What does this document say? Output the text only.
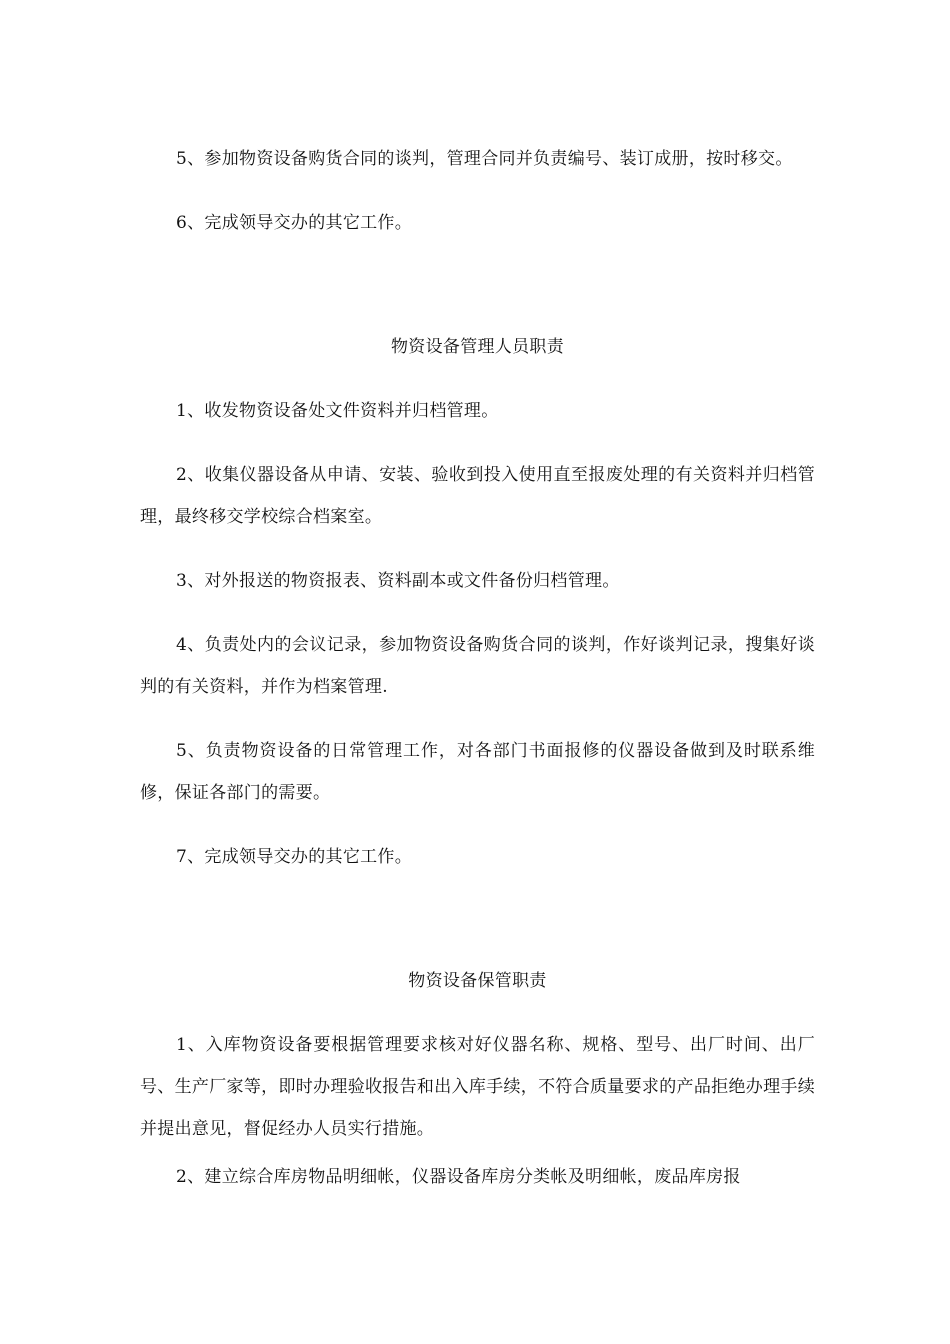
5、参加物资设备购货合同的谈判，管理合同并负责编号、装订成册，按时移交。

6、完成领导交办的其它工作。

物资设备管理人员职责

1、收发物资设备处文件资料并归档管理。

2、收集仪器设备从申请、安装、验收到投入使用直至报废处理的有关资料并归档管理，最终移交学校综合档案室。

3、对外报送的物资报表、资料副本或文件备份归档管理。

4、负责处内的会议记录，参加物资设备购货合同的谈判，作好谈判记录，搜集好谈判的有关资料，并作为档案管理.

5、负责物资设备的日常管理工作，对各部门书面报修的仪器设备做到及时联系维修，保证各部门的需要。

7、完成领导交办的其它工作。

物资设备保管职责

1、入库物资设备要根据管理要求核对好仪器名称、规格、型号、出厂时间、出厂号、生产厂家等，即时办理验收报告和出入库手续，不符合质量要求的产品拒绝办理手续并提出意见，督促经办人员实行措施。

2、建立综合库房物品明细帐，仪器设备库房分类帐及明细帐，废品库房报
